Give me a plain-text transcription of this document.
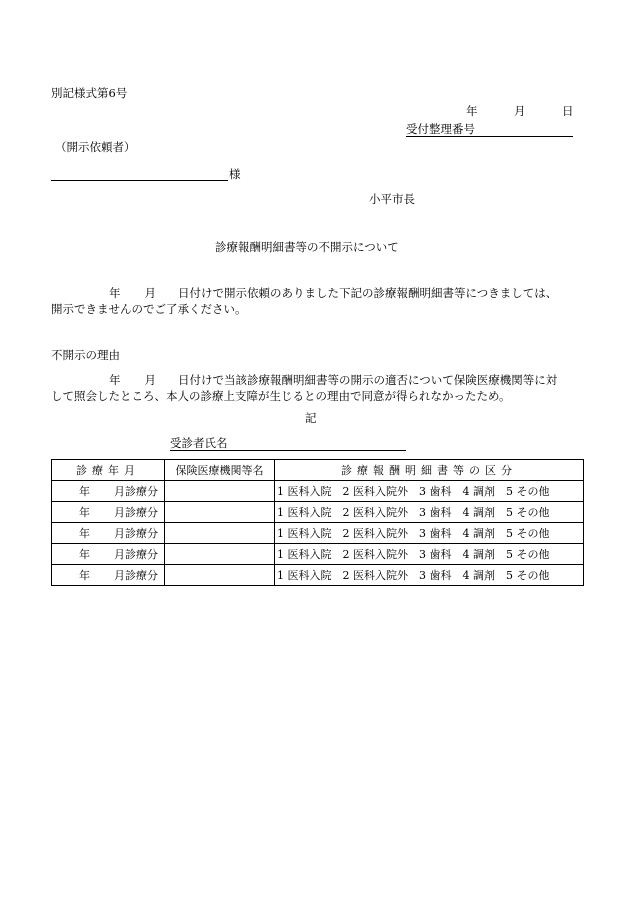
別記様式第6号
年	月	日
受付整理番号
（開示依頼者）
様
小平市長
診療報酬明細書等の不開示について
年 月 日付けで開示依頼のありました下記の診療報酬明細書等につきましては、
開示できませんのでご了承ください。
不開示の理由
年 月 日付けで当該診療報酬明細書等の開示の適否について保険医療機関等に対
して照会したところ、本人の診療上支障が生じるとの理由で同意が得られなかったため。
記
受診者氏名
診療年月	保険医療機関等名	診療報酬明細書等の区分
年 月診療分		1 医科入院　2 医科入院外　3 歯科　4 調剤　5 その他
年 月診療分		1 医科入院　2 医科入院外　3 歯科　4 調剤　5 その他
年 月診療分		1 医科入院　2 医科入院外　3 歯科　4 調剤　5 その他
年 月診療分		1 医科入院　2 医科入院外　3 歯科　4 調剤　5 その他
年 月診療分		1 医科入院　2 医科入院外　3 歯科　4 調剤　5 その他
